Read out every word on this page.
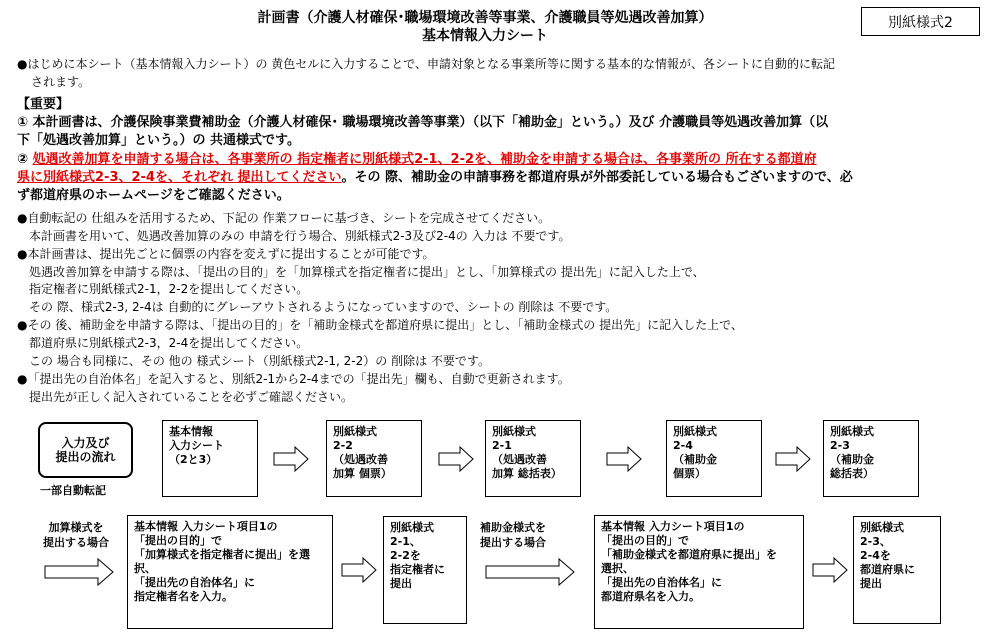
計画書（介護人材確保･職場環境改善等事業、介護職員等処遇改善加算）
基本情報入力シート
別紙様式2
●はじめに本シート（基本情報入力シート）の 黄色セルに入力することで、申請対象となる事業所等に関する基本的な情報が、各シートに自動的に転記
されます。
【重要】
① 本計画書は、介護保険事業費補助金（介護人材確保･ 職場環境改善等事業）（以下「補助金」という。）及び 介護職員等処遇改善加算（以
下「処遇改善加算」という。）の 共通様式です。
② 処遇改善加算を申請する場合は、各事業所の 指定権者に別紙様式2-1、2-2を、補助金を申請する場合は、各事業所の 所在する都道府
県に別紙様式2-3、2-4を、それぞれ 提出してください。その 際、補助金の申請事務を都道府県が外部委託している場合もございますので、必
ず都道府県のホームページをご確認ください。
●自動転記の 仕組みを活用するため、下記の 作業フローに基づき、シートを完成させてください。
　本計画書を用いて、処遇改善加算のみの 申請を行う場合、別紙様式2-3及び2-4の 入力は 不要です。
●本計画書は、提出先ごとに個票の内容を変えずに提出することが可能です。
　処遇改善加算を申請する際は、「提出の目的」を「加算様式を指定権者に提出」とし、「加算様式の 提出先」に記入した上で、
　指定権者に別紙様式2-1，2-2を提出してください。
　その 際、様式2-3, 2-4は 自動的にグレーアウトされるようになっていますので、シートの 削除は 不要です。
●その 後、補助金を申請する際は、「提出の目的」を「補助金様式を都道府県に提出」とし、「補助金様式の 提出先」に記入した上で、
　都道府県に別紙様式2-3，2-4を提出してください。
　この 場合も同様に、その 他の 様式シート（別紙様式2-1, 2-2）の 削除は 不要です。
●「提出先の自治体名」を記入すると、別紙2-1から2-4までの「提出先」欄も、自動で更新されます。
　提出先が正しく記入されていることを必ずご確認ください。
入力及び
提出の流れ
一部自動転記
基本情報
入力シート
（2と3）
別紙様式
2-2
（処遇改善
加算 個票）
別紙様式
2-1
（処遇改善
加算 総括表）
別紙様式
2-4
（補助金
個票）
別紙様式
2-3
（補助金
総括表）
加算様式を
提出する場合
基本情報 入力シート項目1の
「提出の目的」で
「加算様式を指定権者に提出」を選
択、
「提出先の自治体名」に
指定権者名を入力。
別紙様式
2-1、
2-2を
指定権者に
提出
補助金様式を
提出する場合
基本情報 入力シート項目1の
「提出の目的」で
「補助金様式を都道府県に提出」を
選択、
「提出先の自治体名」に
都道府県名を入力。
別紙様式
2-3、
2-4を
都道府県に
提出
